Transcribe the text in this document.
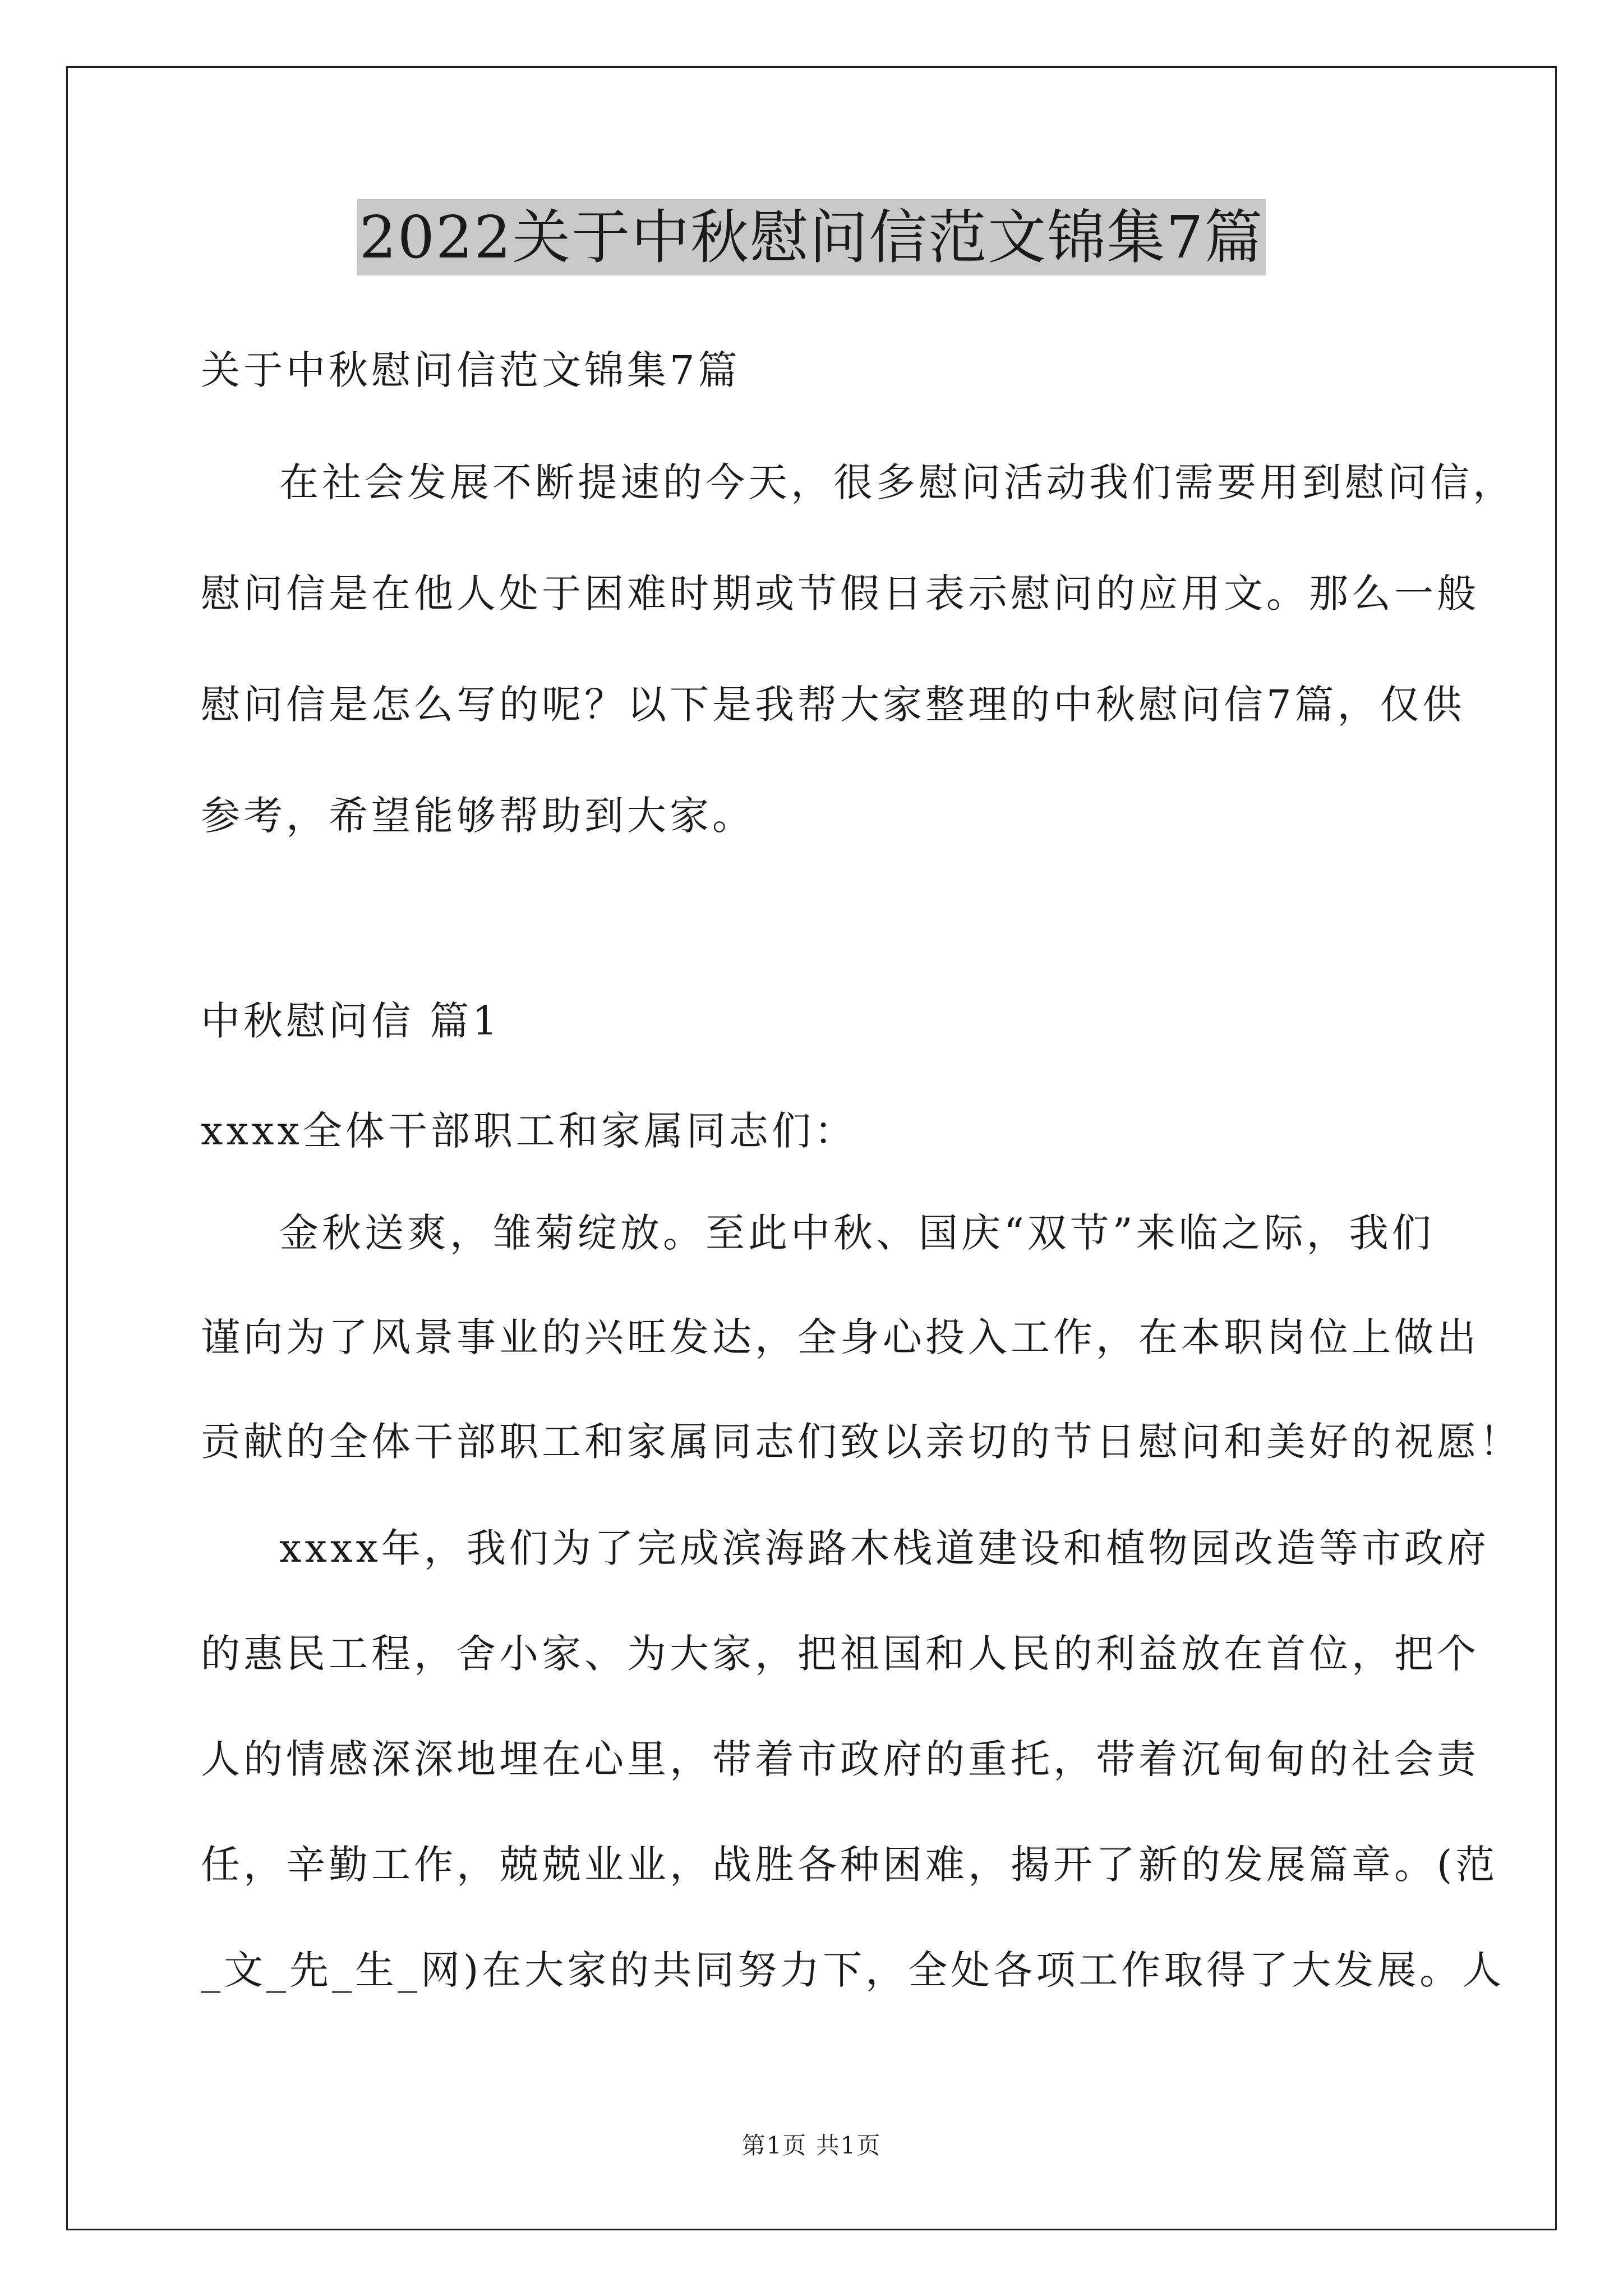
2022关于中秋慰问信范文锦集7篇

关于中秋慰问信范文锦集7篇

在社会发展不断提速的今天，很多慰问活动我们需要用到慰问信，

慰问信是在他人处于困难时期或节假日表示慰问的应用文。那么一般

慰问信是怎么写的呢？以下是我帮大家整理的中秋慰问信7篇，仅供

参考，希望能够帮助到大家。

中秋慰问信 篇1

xxxx全体干部职工和家属同志们：

金秋送爽，雏菊绽放。至此中秋、国庆“双节”来临之际，我们

谨向为了风景事业的兴旺发达，全身心投入工作，在本职岗位上做出

贡献的全体干部职工和家属同志们致以亲切的节日慰问和美好的祝愿！

xxxx年，我们为了完成滨海路木栈道建设和植物园改造等市政府

的惠民工程，舍小家、为大家，把祖国和人民的利益放在首位，把个

人的情感深深地埋在心里，带着市政府的重托，带着沉甸甸的社会责

任，辛勤工作，兢兢业业，战胜各种困难，揭开了新的发展篇章。(范

_文_先_生_网)在大家的共同努力下，全处各项工作取得了大发展。人

第1页 共1页
